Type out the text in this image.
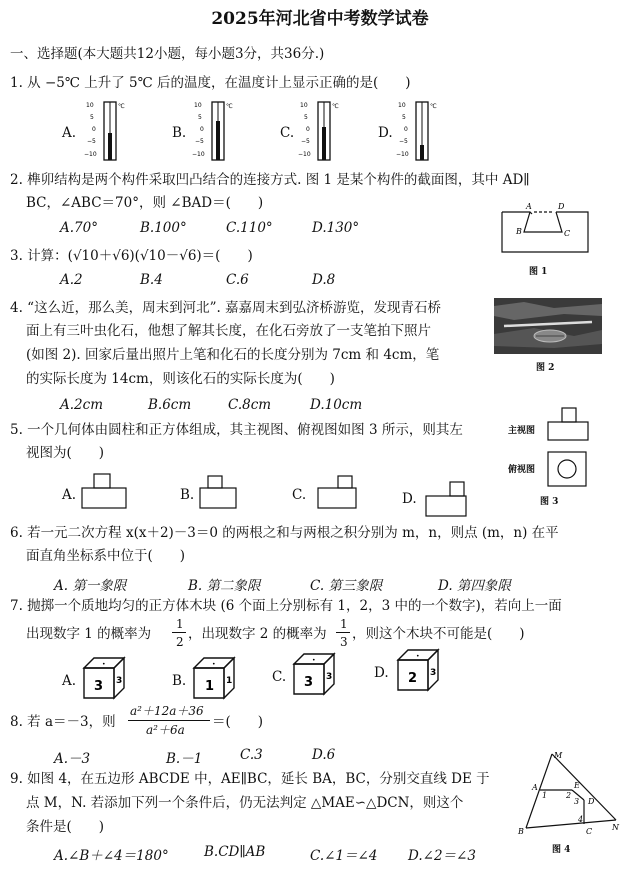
2025年河北省中考数学试卷
一、选择题(本大题共12小题，每小题3分，共36分.)
1. 从 −5℃ 上升了 5℃ 后的温度，在温度计上显示正确的是(　　)
A.	B.	C.	D.
10
5
0
−5
−10
℃	10
5
0
−5
−10
℃	10
5
0
−5
−10
℃	10
5
0
−5
−10
℃
2. 榫卯结构是两个构件采取凹凸结合的连接方式. 图 1 是某个构件的截面图，其中 AD∥
BC，∠ABC＝70°，则 ∠BAD＝(　　)
A.70°	B.100°	C.110°	D.130°
A	D
B	C
图 1
3. 计算：(√10＋√6)(√10－√6)＝(　　)
A.2	B.4	C.6	D.8
4. “这么近，那么美，周末到河北”. 嘉嘉周末到弘济桥游览，发现青石桥
面上有三叶虫化石，他想了解其长度，在化石旁放了一支笔拍下照片
(如图 2). 回家后量出照片上笔和化石的长度分别为 7cm 和 4cm，笔
的实际长度为 14cm，则该化石的实际长度为(　　)
A.2cm	B.6cm	C.8cm	D.10cm
图 2
5. 一个几何体由圆柱和正方体组成，其主视图、俯视图如图 3 所示，则其左
视图为(　　)
A.	B.	C.	D.
主视图
俯视图
图 3
6. 若一元二次方程 x(x＋2)－3＝0 的两根之和与两根之积分别为 m，n，则点 (m，n) 在平
面直角坐标系中位于(　　)
A. 第一象限	B. 第二象限	C. 第三象限	D. 第四象限
7. 抛掷一个质地均匀的正方体木块 (6 个面上分别标有 1，2，3 中的一个数字)，若向上一面
出现数字 1 的概率为
1
2 ，出现数字 2 的概率为
1
3 ，则这个木块不可能是(　　)
A.	B.	C.	D.
3 3
•
1 1
•
3 3
•
2 3
•
8. 若 a＝－3，则
a²＋12a＋36
a²＋6a ＝(　　)
A.－3	B.－1	C.3	D.6
9. 如图 4，在五边形 ABCDE 中，AE∥BC，延长 BA，BC，分别交直线 DE 于
点 M，N. 若添加下列一个条件后，仍无法判定 △MAE∽△DCN，则这个
条件是(　　)
A.∠B＋∠4＝180°	B.CD∥AB	C.∠1＝∠4 D.∠2＝∠3
M
A	E
1 2
3 D
4
B	C N
图 4
